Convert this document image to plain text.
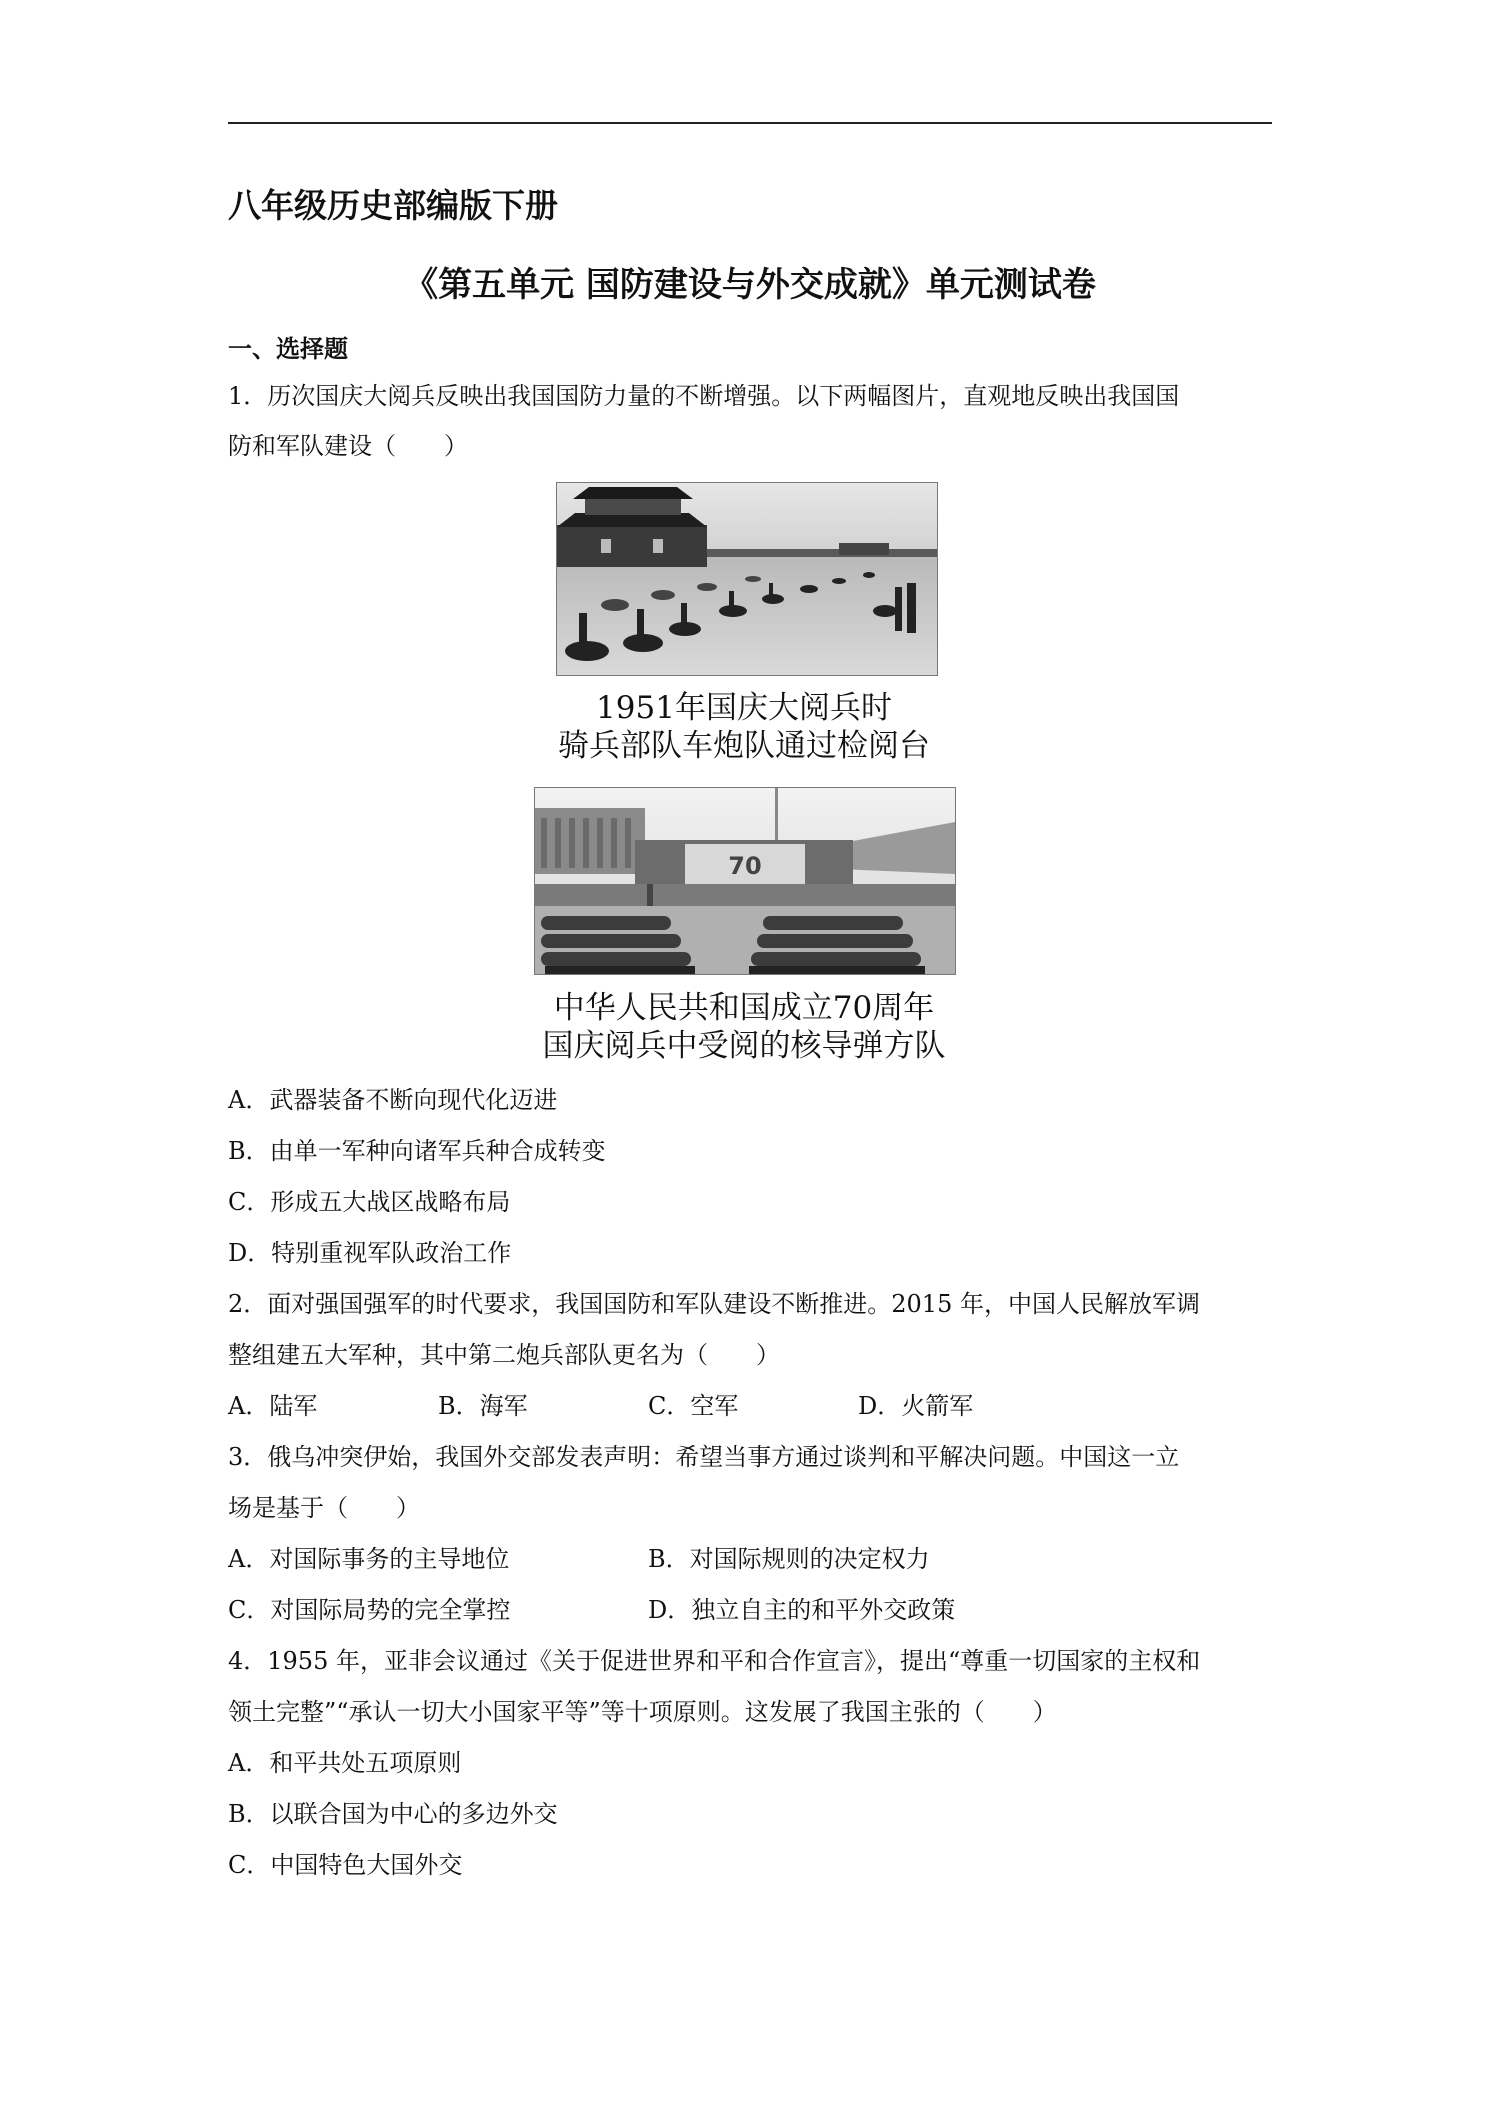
八年级历史部编版下册
《第五单元 国防建设与外交成就》单元测试卷
一、选择题
1．历次国庆大阅兵反映出我国国防力量的不断增强。以下两幅图片，直观地反映出我国国
防和军队建设（　　）
1951年国庆大阅兵时
骑兵部队车炮队通过检阅台
70
中华人民共和国成立70周年
国庆阅兵中受阅的核导弹方队
A．武器装备不断向现代化迈进
B．由单一军种向诸军兵种合成转变
C．形成五大战区战略布局
D．特别重视军队政治工作
2．面对强国强军的时代要求，我国国防和军队建设不断推进。2015 年，中国人民解放军调
整组建五大军种，其中第二炮兵部队更名为（　　）
A．陆军	B．海军	C．空军	D．火箭军
3．俄乌冲突伊始，我国外交部发表声明：希望当事方通过谈判和平解决问题。中国这一立
场是基于（　　）
A．对国际事务的主导地位	B．对国际规则的决定权力
C．对国际局势的完全掌控	D．独立自主的和平外交政策
4．1955 年，亚非会议通过《关于促进世界和平和合作宣言》，提出“尊重一切国家的主权和
领土完整”“承认一切大小国家平等”等十项原则。这发展了我国主张的（　　）
A．和平共处五项原则
B．以联合国为中心的多边外交
C．中国特色大国外交
